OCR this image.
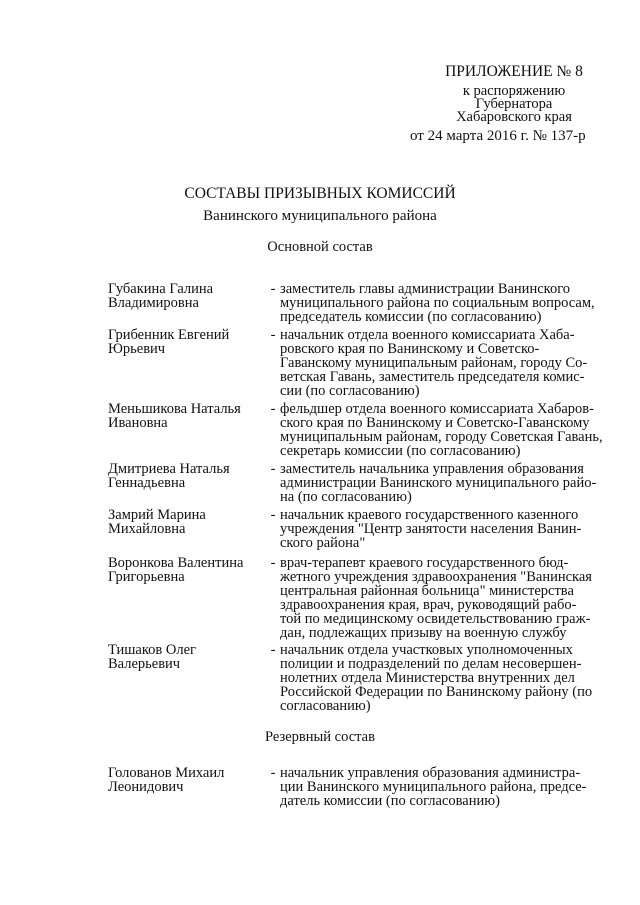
ПРИЛОЖЕНИЕ № 8
к распоряжению
Губернатора
Хабаровского края
от 24 марта 2016 г. № 137-р
СОСТАВЫ ПРИЗЫВНЫХ КОМИССИЙ
Ванинского муниципального района
Основной состав
Губакина Галина
Владимировна
- заместитель главы администрации Ванинского
муниципального района по социальным вопросам,
председатель комиссии (по согласованию)
Грибенник Евгений
Юрьевич
- начальник отдела военного комиссариата Хаба-
ровского края по Ванинскому и Советско-
Гаванскому муниципальным районам, городу Со-
ветская Гавань, заместитель председателя комис-
сии (по согласованию)
Меньшикова Наталья
Ивановна
- фельдшер отдела военного комиссариата Хабаров-
ского края по Ванинскому и Советско-Гаванскому
муниципальным районам, городу Советская Гавань,
секретарь комиссии (по согласованию)
Дмитриева Наталья
Геннадьевна
- заместитель начальника управления образования
администрации Ванинского муниципального райо-
на (по согласованию)
Замрий Марина
Михайловна
- начальник краевого государственного казенного
учреждения "Центр занятости населения Ванин-
ского района"
Воронкова Валентина
Григорьевна
- врач-терапевт краевого государственного бюд-
жетного учреждения здравоохранения "Ванинская
центральная районная больница" министерства
здравоохранения края, врач, руководящий рабо-
той по медицинскому освидетельствованию граж-
дан, подлежащих призыву на военную службу
Тишаков Олег
Валерьевич
- начальник отдела участковых уполномоченных
полиции и подразделений по делам несовершен-
нолетних отдела Министерства внутренних дел
Российской Федерации по Ванинскому району (по
согласованию)
Резервный состав
Голованов Михаил
Леонидович
- начальник управления образования администра-
ции Ванинского муниципального района, предсе-
датель комиссии (по согласованию)
